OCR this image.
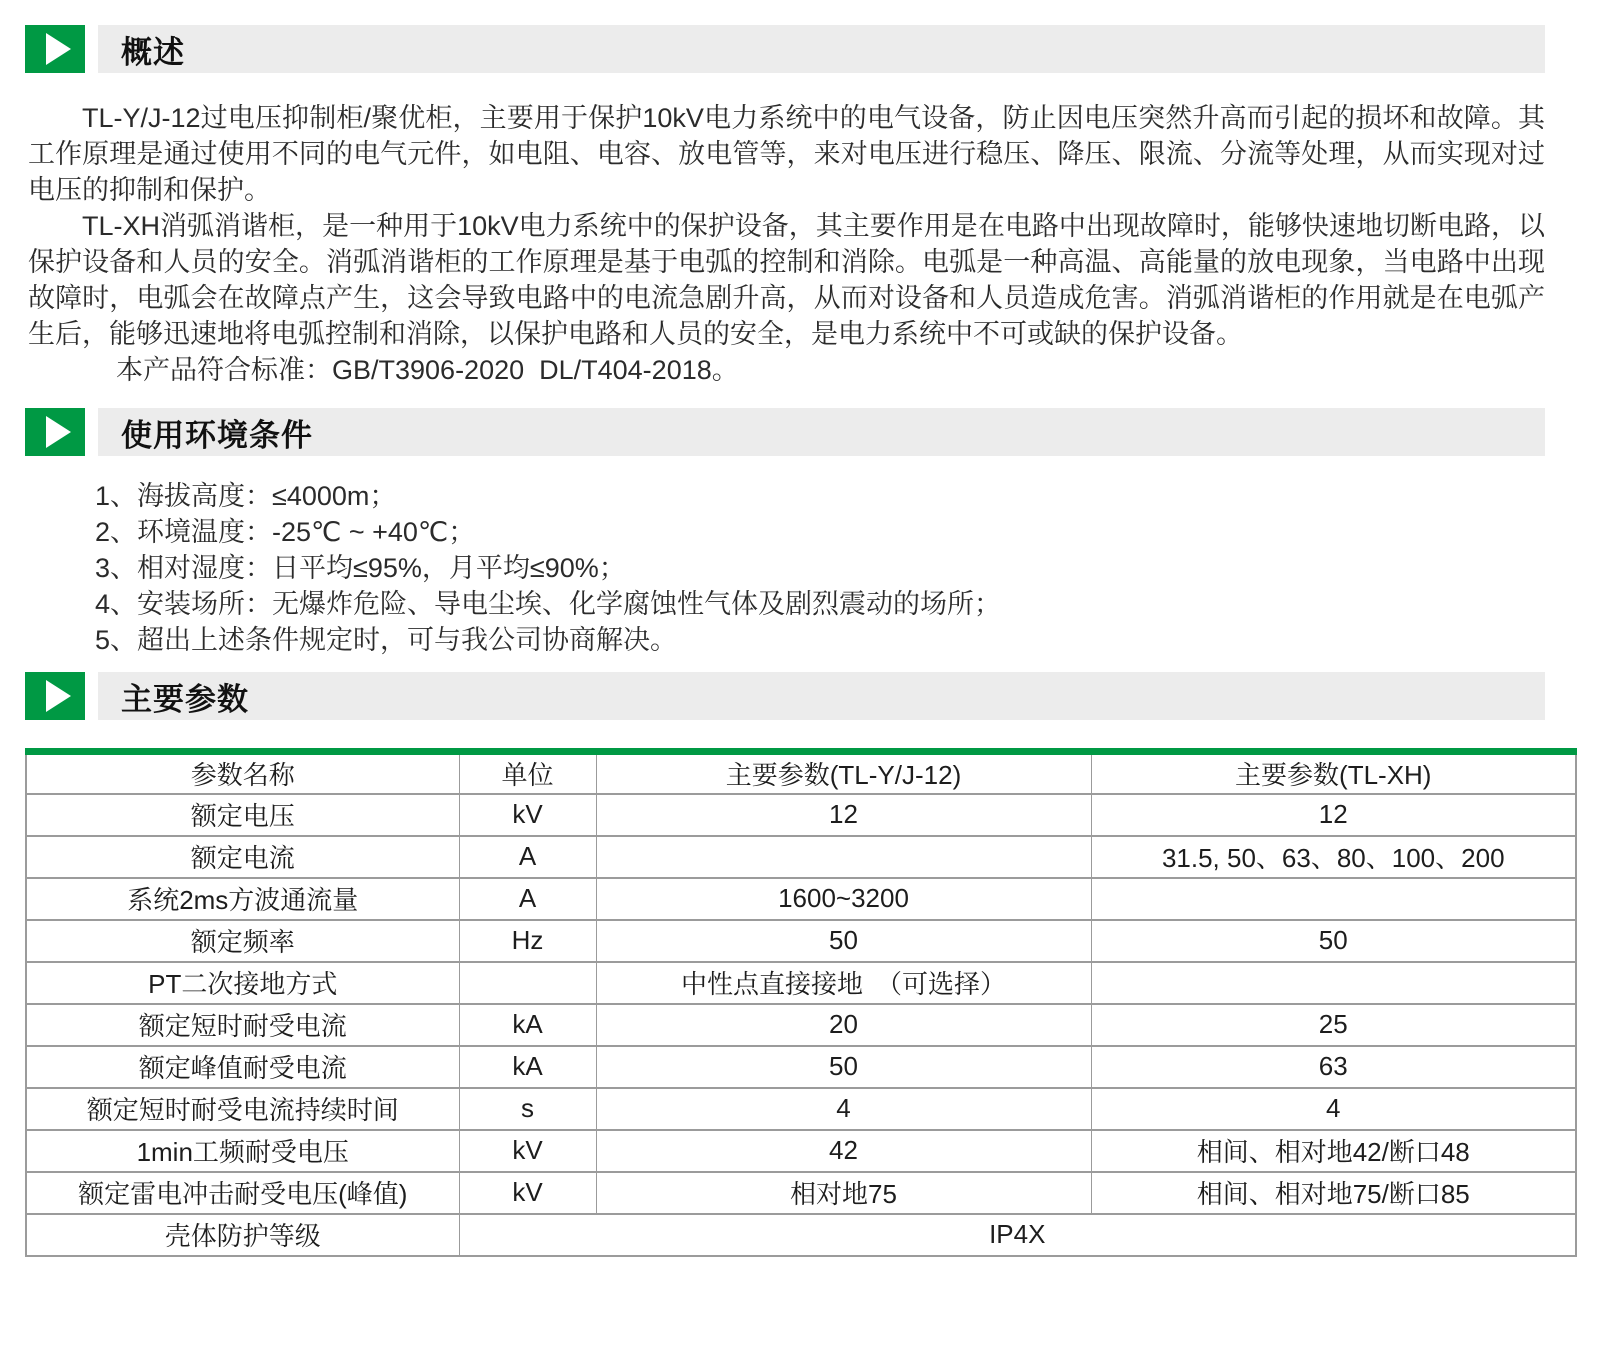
概述

TL-Y/J-12过电压抑制柜/聚优柜，主要用于保护10kV电力系统中的电气设备，防止因电压突然升高而引起的损坏和故障。其工作原理是通过使用不同的电气元件，如电阻、电容、放电管等，来对电压进行稳压、降压、限流、分流等处理，从而实现对过电压的抑制和保护。

TL-XH消弧消谐柜，是一种用于10kV电力系统中的保护设备，其主要作用是在电路中出现故障时，能够快速地切断电路，以保护设备和人员的安全。消弧消谐柜的工作原理是基于电弧的控制和消除。电弧是一种高温、高能量的放电现象，当电路中出现故障时，电弧会在故障点产生，这会导致电路中的电流急剧升高，从而对设备和人员造成危害。消弧消谐柜的作用就是在电弧产生后，能够迅速地将电弧控制和消除，以保护电路和人员的安全，是电力系统中不可或缺的保护设备。

本产品符合标准：GB/T3906-2020  DL/T404-2018。
使用环境条件
1、海拔高度：≤4000m；
2、环境温度：-25℃ ~ +40℃；
3、相对湿度：日平均≤95%，月平均≤90%；
4、安装场所：无爆炸危险、导电尘埃、化学腐蚀性气体及剧烈震动的场所；
5、超出上述条件规定时，可与我公司协商解决。
主要参数
参数名称	单位	主要参数(TL-Y/J-12)	主要参数(TL-XH)
额定电压	kV	12	12
额定电流	A		31.5, 50、63、80、100、200
系统2ms方波通流量	A	1600~3200	
额定频率	Hz	50	50
PT二次接地方式		中性点直接接地　（可选择）	
额定短时耐受电流	kA	20	25
额定峰值耐受电流	kA	50	63
额定短时耐受电流持续时间	s	4	4
1min工频耐受电压	kV	42	相间、相对地42/断口48
额定雷电冲击耐受电压(峰值)	kV	相对地75	相间、相对地75/断口85
壳体防护等级	IP4X		
